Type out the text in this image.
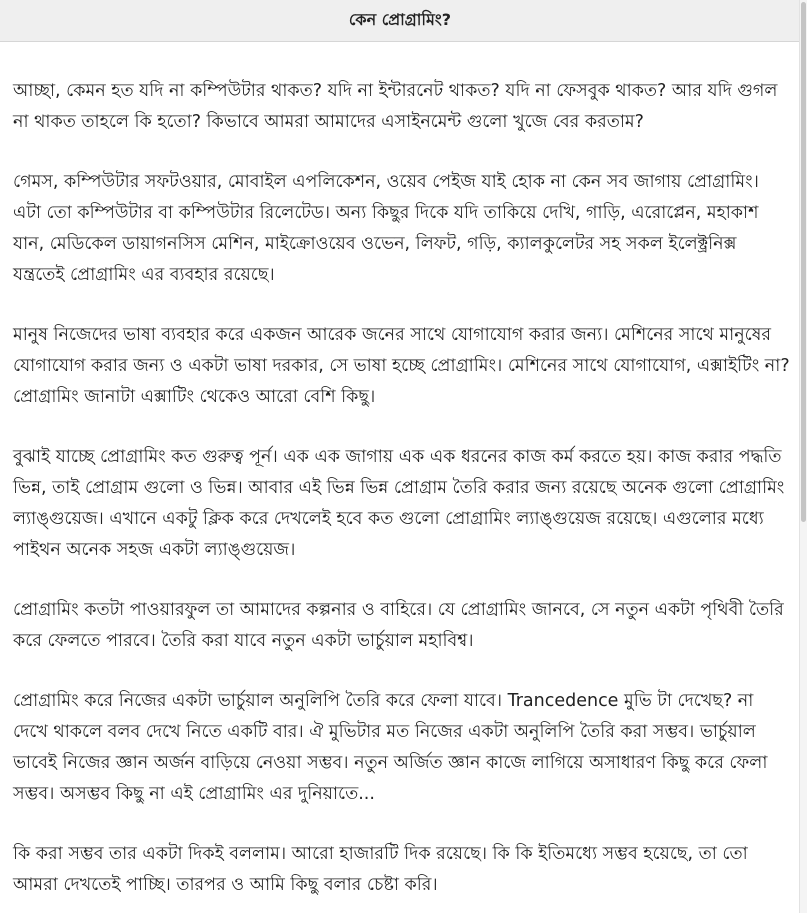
কেন প্রোগ্রামিং?

আচ্ছা, কেমন হত যদি না কম্পিউটার থাকত? যদি না ইন্টারনেট থাকত? যদি না ফেসবুক থাকত? আর যদি গুগল না থাকত তাহলে কি হতো? কিভাবে আমরা আমাদের এসাইনমেন্ট গুলো খুজে বের করতাম?

গেমস, কম্পিউটার সফটওয়ার, মোবাইল এপলিকেশন, ওয়েব পেইজ যাই হোক না কেন সব জাগায় প্রোগ্রামিং। এটা তো কম্পিউটার বা কম্পিউটার রিলেটেড। অন্য কিছুর দিকে যদি তাকিয়ে দেখি, গাড়ি, এরোপ্লেন, মহাকাশ যান, মেডিকেল ডায়াগনসিস মেশিন, মাইক্রোওয়েব ওভেন, লিফট, গড়ি, ক্যালকুলেটর সহ সকল ইলেক্ট্রনিক্স যন্ত্রতেই প্রোগ্রামিং এর ব্যবহার রয়েছে।

মানুষ নিজেদের ভাষা ব্যবহার করে একজন আরেক জনের সাথে যোগাযোগ করার জন্য। মেশিনের সাথে মানুষের যোগাযোগ করার জন্য ও একটা ভাষা দরকার, সে ভাষা হচ্ছে প্রোগ্রামিং। মেশিনের সাথে যোগাযোগ, এক্সাইটিং না? প্রোগ্রামিং জানাটা এক্সাটিং থেকেও আরো বেশি কিছু।

বুঝাই যাচ্ছে প্রোগ্রামিং কত গুরুত্ব পূর্ন। এক এক জাগায় এক এক ধরনের কাজ কর্ম করতে হয়। কাজ করার পদ্ধতি ভিন্ন, তাই প্রোগ্রাম গুলো ও ভিন্ন। আবার এই ভিন্ন ভিন্ন প্রোগ্রাম তৈরি করার জন্য রয়েছে অনেক গুলো প্রোগ্রামিং ল্যাঙ্গুয়েজ। এখানে একটু ক্লিক করে দেখলেই হবে কত গুলো প্রোগ্রামিং ল্যাঙ্গুয়েজ রয়েছে। এগুলোর মধ্যে পাইথন অনেক সহজ একটা ল্যাঙ্গুয়েজ।

প্রোগ্রামিং কতটা পাওয়ারফুল তা আমাদের কল্পনার ও বাহিরে। যে প্রোগ্রামিং জানবে, সে নতুন একটা পৃথিবী তৈরি করে ফেলতে পারবে। তৈরি করা যাবে নতুন একটা ভার্চুয়াল মহাবিশ্ব।

প্রোগ্রামিং করে নিজের একটা ভার্চুয়াল অনুলিপি তৈরি করে ফেলা যাবে। Trancedence মুভি টা দেখেছ? না দেখে থাকলে বলব দেখে নিতে একটি বার। ঐ মুভিটার মত নিজের একটা অনুলিপি তৈরি করা সম্ভব। ভার্চুয়াল ভাবেই নিজের জ্ঞান অর্জন বাড়িয়ে নেওয়া সম্ভব। নতুন অর্জিত জ্ঞান কাজে লাগিয়ে অসাধারণ কিছু করে ফেলা সম্ভব। অসম্ভব কিছু না এই প্রোগ্রামিং এর দুনিয়াতে...

কি করা সম্ভব তার একটা দিকই বললাম। আরো হাজারটি দিক রয়েছে। কি কি ইতিমধ্যে সম্ভব হয়েছে, তা তো আমরা দেখতেই পাচ্ছি। তারপর ও আমি কিছু বলার চেষ্টা করি।
